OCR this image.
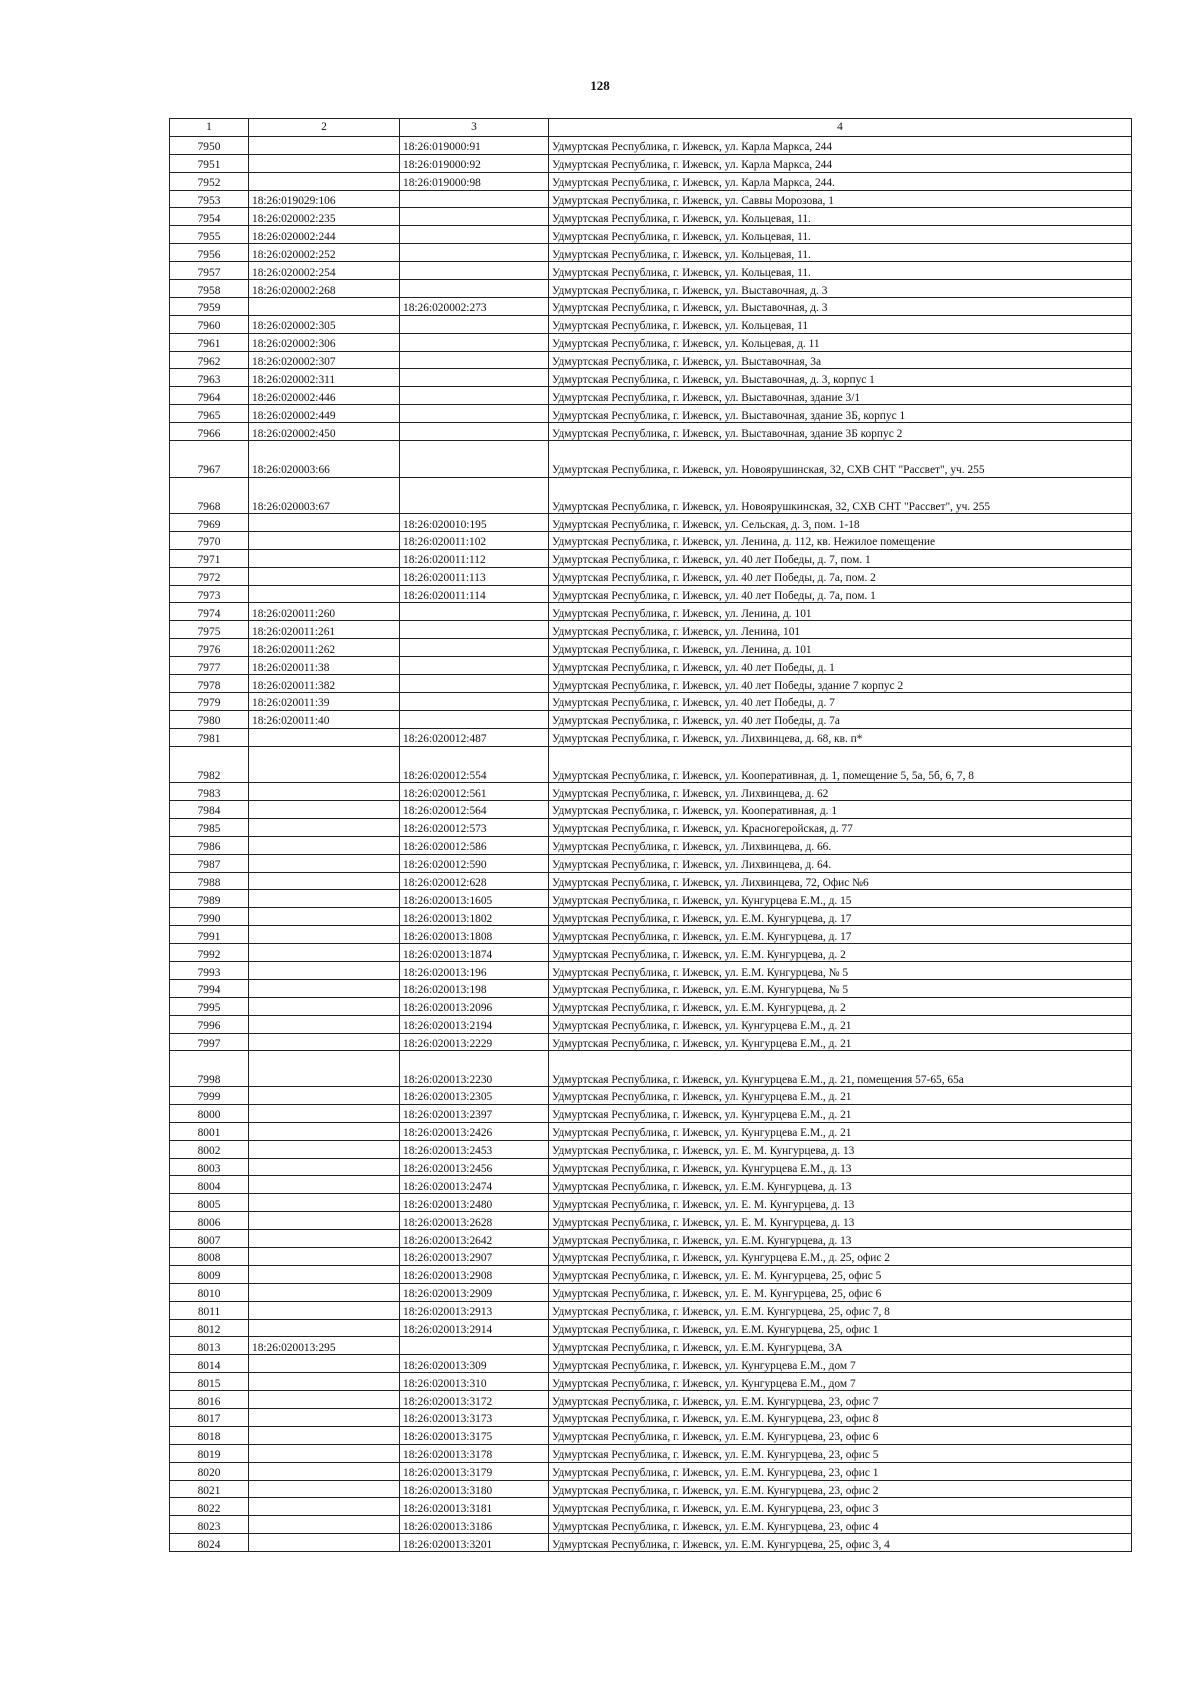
128
1	2	3	4
7950		18:26:019000:91	Удмуртская Республика, г. Ижевск, ул. Карла Маркса, 244
7951		18:26:019000:92	Удмуртская Республика, г. Ижевск, ул. Карла Маркса, 244
7952		18:26:019000:98	Удмуртская Республика, г. Ижевск, ул. Карла Маркса, 244.
7953	18:26:019029:106		Удмуртская Республика, г. Ижевск, ул. Саввы Морозова, 1
7954	18:26:020002:235		Удмуртская Республика, г. Ижевск, ул. Кольцевая, 11.
7955	18:26:020002:244		Удмуртская Республика, г. Ижевск, ул. Кольцевая, 11.
7956	18:26:020002:252		Удмуртская Республика, г. Ижевск, ул. Кольцевая, 11.
7957	18:26:020002:254		Удмуртская Республика, г. Ижевск, ул. Кольцевая, 11.
7958	18:26:020002:268		Удмуртская Республика, г. Ижевск, ул. Выставочная, д. 3
7959		18:26:020002:273	Удмуртская Республика, г. Ижевск, ул. Выставочная, д. 3
7960	18:26:020002:305		Удмуртская Республика, г. Ижевск, ул. Кольцевая, 11
7961	18:26:020002:306		Удмуртская Республика, г. Ижевск, ул. Кольцевая, д. 11
7962	18:26:020002:307		Удмуртская Республика, г. Ижевск, ул. Выставочная, 3а
7963	18:26:020002:311		Удмуртская Республика, г. Ижевск, ул. Выставочная, д. 3, корпус 1
7964	18:26:020002:446		Удмуртская Республика, г. Ижевск, ул. Выставочная, здание 3/1
7965	18:26:020002:449		Удмуртская Республика, г. Ижевск, ул. Выставочная, здание 3Б, корпус 1
7966	18:26:020002:450		Удмуртская Республика, г. Ижевск, ул. Выставочная, здание 3Б корпус 2
7967	18:26:020003:66		Удмуртская Республика, г. Ижевск, ул. Новоярушинская, 32, СХВ СНТ "Рассвет", уч. 255
7968	18:26:020003:67		Удмуртская Республика, г. Ижевск, ул. Новоярушкинская, 32, СХВ СНТ "Рассвет", уч. 255
7969		18:26:020010:195	Удмуртская Республика, г. Ижевск, ул. Сельская, д. 3, пом. 1-18
7970		18:26:020011:102	Удмуртская Республика, г. Ижевск, ул. Ленина, д. 112, кв. Нежилое помещение
7971		18:26:020011:112	Удмуртская Республика, г. Ижевск, ул. 40 лет Победы, д. 7, пом. 1
7972		18:26:020011:113	Удмуртская Республика, г. Ижевск, ул. 40 лет Победы, д. 7а, пом. 2
7973		18:26:020011:114	Удмуртская Республика, г. Ижевск, ул. 40 лет Победы, д. 7а, пом. 1
7974	18:26:020011:260		Удмуртская Республика, г. Ижевск, ул. Ленина, д. 101
7975	18:26:020011:261		Удмуртская Республика, г. Ижевск, ул. Ленина, 101
7976	18:26:020011:262		Удмуртская Республика, г. Ижевск, ул. Ленина, д. 101
7977	18:26:020011:38		Удмуртская Республика, г. Ижевск, ул. 40 лет Победы, д. 1
7978	18:26:020011:382		Удмуртская Республика, г. Ижевск, ул. 40 лет Победы, здание 7 корпус 2
7979	18:26:020011:39		Удмуртская Республика, г. Ижевск, ул. 40 лет Победы, д. 7
7980	18:26:020011:40		Удмуртская Республика, г. Ижевск, ул. 40 лет Победы, д. 7а
7981		18:26:020012:487	Удмуртская Республика, г. Ижевск, ул. Лихвинцева, д. 68, кв. п*
7982		18:26:020012:554	Удмуртская Республика, г. Ижевск, ул. Кооперативная, д. 1, помещение 5, 5а, 5б, 6, 7, 8
7983		18:26:020012:561	Удмуртская Республика, г. Ижевск, ул. Лихвинцева, д. 62
7984		18:26:020012:564	Удмуртская Республика, г. Ижевск, ул. Кооперативная, д. 1
7985		18:26:020012:573	Удмуртская Республика, г. Ижевск, ул. Красногеройская, д. 77
7986		18:26:020012:586	Удмуртская Республика, г. Ижевск, ул. Лихвинцева, д. 66.
7987		18:26:020012:590	Удмуртская Республика, г. Ижевск, ул. Лихвинцева, д. 64.
7988		18:26:020012:628	Удмуртская Республика, г. Ижевск, ул. Лихвинцева, 72, Офис №6
7989		18:26:020013:1605	Удмуртская Республика, г. Ижевск, ул. Кунгурцева Е.М., д. 15
7990		18:26:020013:1802	Удмуртская Республика, г. Ижевск, ул. Е.М. Кунгурцева, д. 17
7991		18:26:020013:1808	Удмуртская Республика, г. Ижевск, ул. Е.М. Кунгурцева, д. 17
7992		18:26:020013:1874	Удмуртская Республика, г. Ижевск, ул. Е.М. Кунгурцева, д. 2
7993		18:26:020013:196	Удмуртская Республика, г. Ижевск, ул. Е.М. Кунгурцева, № 5
7994		18:26:020013:198	Удмуртская Республика, г. Ижевск, ул. Е.М. Кунгурцева, № 5
7995		18:26:020013:2096	Удмуртская Республика, г. Ижевск, ул. Е.М. Кунгурцева, д. 2
7996		18:26:020013:2194	Удмуртская Республика, г. Ижевск, ул. Кунгурцева Е.М., д. 21
7997		18:26:020013:2229	Удмуртская Республика, г. Ижевск, ул. Кунгурцева Е.М., д. 21
7998		18:26:020013:2230	Удмуртская Республика, г. Ижевск, ул. Кунгурцева Е.М., д. 21, помещения 57-65, 65а
7999		18:26:020013:2305	Удмуртская Республика, г. Ижевск, ул. Кунгурцева Е.М., д. 21
8000		18:26:020013:2397	Удмуртская Республика, г. Ижевск, ул. Кунгурцева Е.М., д. 21
8001		18:26:020013:2426	Удмуртская Республика, г. Ижевск, ул. Кунгурцева Е.М., д. 21
8002		18:26:020013:2453	Удмуртская Республика, г. Ижевск, ул. Е. М. Кунгурцева, д. 13
8003		18:26:020013:2456	Удмуртская Республика, г. Ижевск, ул. Кунгурцева Е.М., д. 13
8004		18:26:020013:2474	Удмуртская Республика, г. Ижевск, ул. Е.М. Кунгурцева, д. 13
8005		18:26:020013:2480	Удмуртская Республика, г. Ижевск, ул. Е. М. Кунгурцева, д. 13
8006		18:26:020013:2628	Удмуртская Республика, г. Ижевск, ул. Е. М. Кунгурцева, д. 13
8007		18:26:020013:2642	Удмуртская Республика, г. Ижевск, ул. Е.М. Кунгурцева, д. 13
8008		18:26:020013:2907	Удмуртская Республика, г. Ижевск, ул. Кунгурцева Е.М., д. 25, офис 2
8009		18:26:020013:2908	Удмуртская Республика, г. Ижевск, ул. Е. М. Кунгурцева, 25, офис 5
8010		18:26:020013:2909	Удмуртская Республика, г. Ижевск, ул. Е. М. Кунгурцева, 25, офис 6
8011		18:26:020013:2913	Удмуртская Республика, г. Ижевск, ул. Е.М. Кунгурцева, 25, офис 7, 8
8012		18:26:020013:2914	Удмуртская Республика, г. Ижевск, ул. Е.М. Кунгурцева, 25, офис 1
8013	18:26:020013:295		Удмуртская Республика, г. Ижевск, ул. Е.М. Кунгурцева, 3А
8014		18:26:020013:309	Удмуртская Республика, г. Ижевск, ул. Кунгурцева Е.М., дом 7
8015		18:26:020013:310	Удмуртская Республика, г. Ижевск, ул. Кунгурцева Е.М., дом 7
8016		18:26:020013:3172	Удмуртская Республика, г. Ижевск, ул. Е.М. Кунгурцева, 23, офис 7
8017		18:26:020013:3173	Удмуртская Республика, г. Ижевск, ул. Е.М. Кунгурцева, 23, офис 8
8018		18:26:020013:3175	Удмуртская Республика, г. Ижевск, ул. Е.М. Кунгурцева, 23, офис 6
8019		18:26:020013:3178	Удмуртская Республика, г. Ижевск, ул. Е.М. Кунгурцева, 23, офис 5
8020		18:26:020013:3179	Удмуртская Республика, г. Ижевск, ул. Е.М. Кунгурцева, 23, офис 1
8021		18:26:020013:3180	Удмуртская Республика, г. Ижевск, ул. Е.М. Кунгурцева, 23, офис 2
8022		18:26:020013:3181	Удмуртская Республика, г. Ижевск, ул. Е.М. Кунгурцева, 23, офис 3
8023		18:26:020013:3186	Удмуртская Республика, г. Ижевск, ул. Е.М. Кунгурцева, 23, офис 4
8024		18:26:020013:3201	Удмуртская Республика, г. Ижевск, ул. Е.М. Кунгурцева, 25, офис 3, 4
